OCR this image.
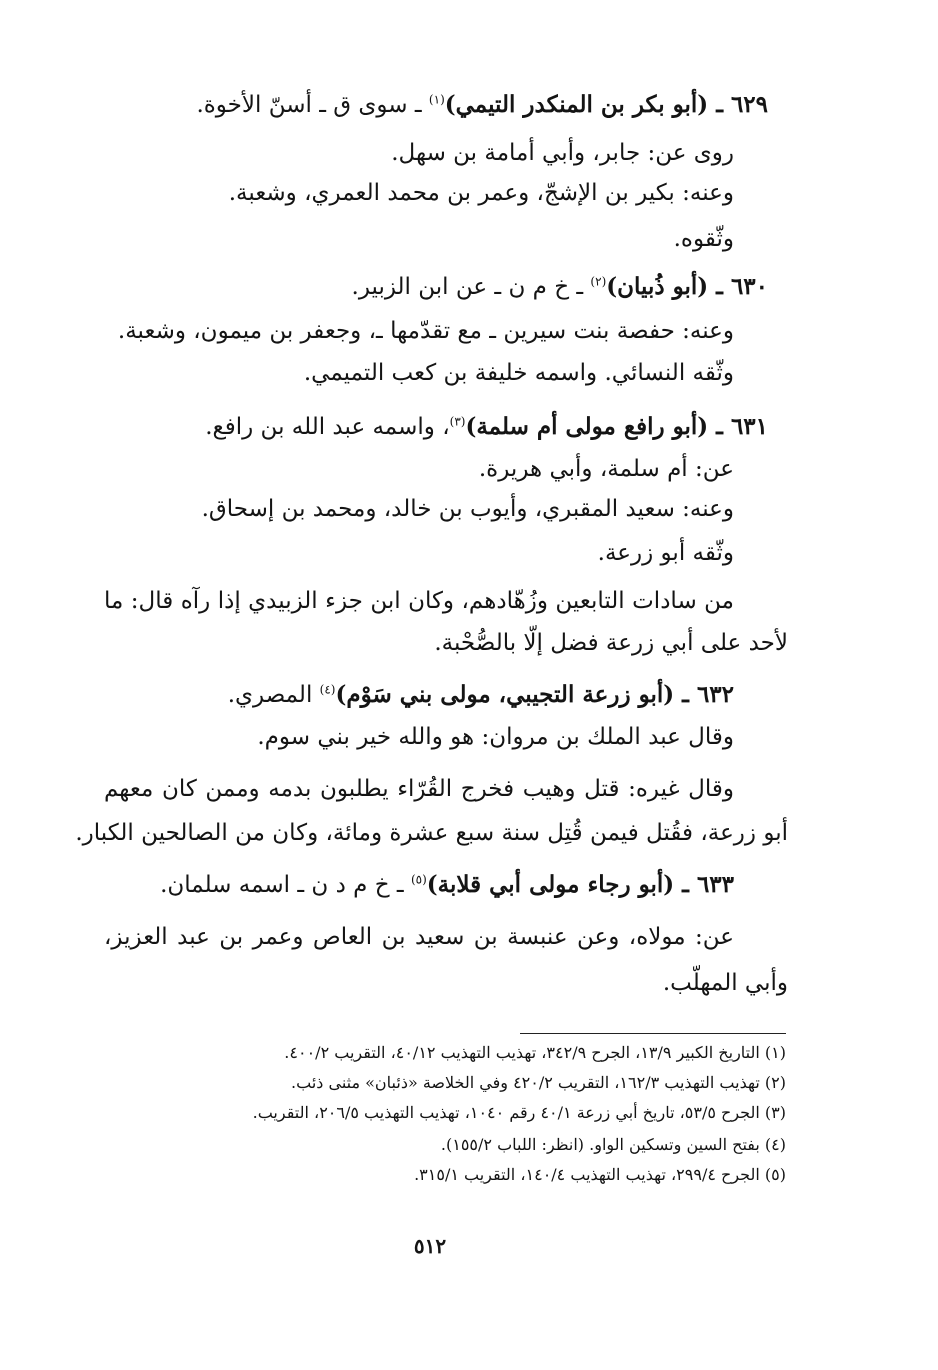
٦٢٩ ـ (أبو بكر بن المنكدر التيمي)$^{(١)}$ ـ سوى ق ـ أسنّ الأخوة.
روى عن: جابر، وأبي أمامة بن سهل.
وعنه: بكير بن الإشجّ، وعمر بن محمد العمري، وشعبة.
وثّقوه.
٦٣٠ ـ (أبو ذُبيان)$^{(٢)}$ ـ خ م ن ـ عن ابن الزبير.
وعنه: حفصة بنت سيرين ـ مع تقدّمها ـ، وجعفر بن ميمون، وشعبة.
وثّقه النسائي. واسمه خليفة بن كعب التميمي.
٦٣١ ـ (أبو رافع مولى أم سلمة)$^{(٣)}$، واسمه عبد الله بن رافع.
عن: أم سلمة، وأبي هريرة.
وعنه: سعيد المقبري، وأيوب بن خالد، ومحمد بن إسحاق.
وثّقه أبو زرعة.
من سادات التابعين وزُهّادهم، وكان ابن جزء الزبيدي إذا رآه قال: ما
لأحد على أبي زرعة فضل إلّا بالصُّحْبة.
٦٣٢ ـ (أبو زرعة التجيبي، مولى بني سَوْم)$^{(٤)}$ المصري.
وقال عبد الملك بن مروان: هو والله خير بني سوم.
وقال غيره: قتل وهيب فخرج القُرّاء يطلبون بدمه وممن كان معهم
أبو زرعة، فقُتل فيمن قُتِل سنة سبع عشرة ومائة، وكان من الصالحين الكبار.
٦٣٣ ـ (أبو رجاء مولى أبي قلابة)$^{(٥)}$ ـ خ م د ن ـ اسمه سلمان.
عن: مولاه، وعن عنبسة بن سعيد بن العاص وعمر بن عبد العزيز،
وأبي المهلّب.
(١) التاريخ الكبير ١٣/٩، الجرح ٣٤٢/٩، تهذيب التهذيب ٤٠/١٢، التقريب ٤٠٠/٢.
(٢) تهذيب التهذيب ١٦٢/٣، التقريب ٤٢٠/٢ وفي الخلاصة «ذئبان» مثنى ذئب.
(٣) الجرح ٥٣/٥، تاريخ أبي زرعة ٤٠/١ رقم ١٠٤٠، تهذيب التهذيب ٢٠٦/٥، التقريب.
(٤) بفتح السين وتسكين الواو. (انظر: اللباب ١٥٥/٢).
(٥) الجرح ٢٩٩/٤، تهذيب التهذيب ١٤٠/٤، التقريب ٣١٥/١.
٥١٢
